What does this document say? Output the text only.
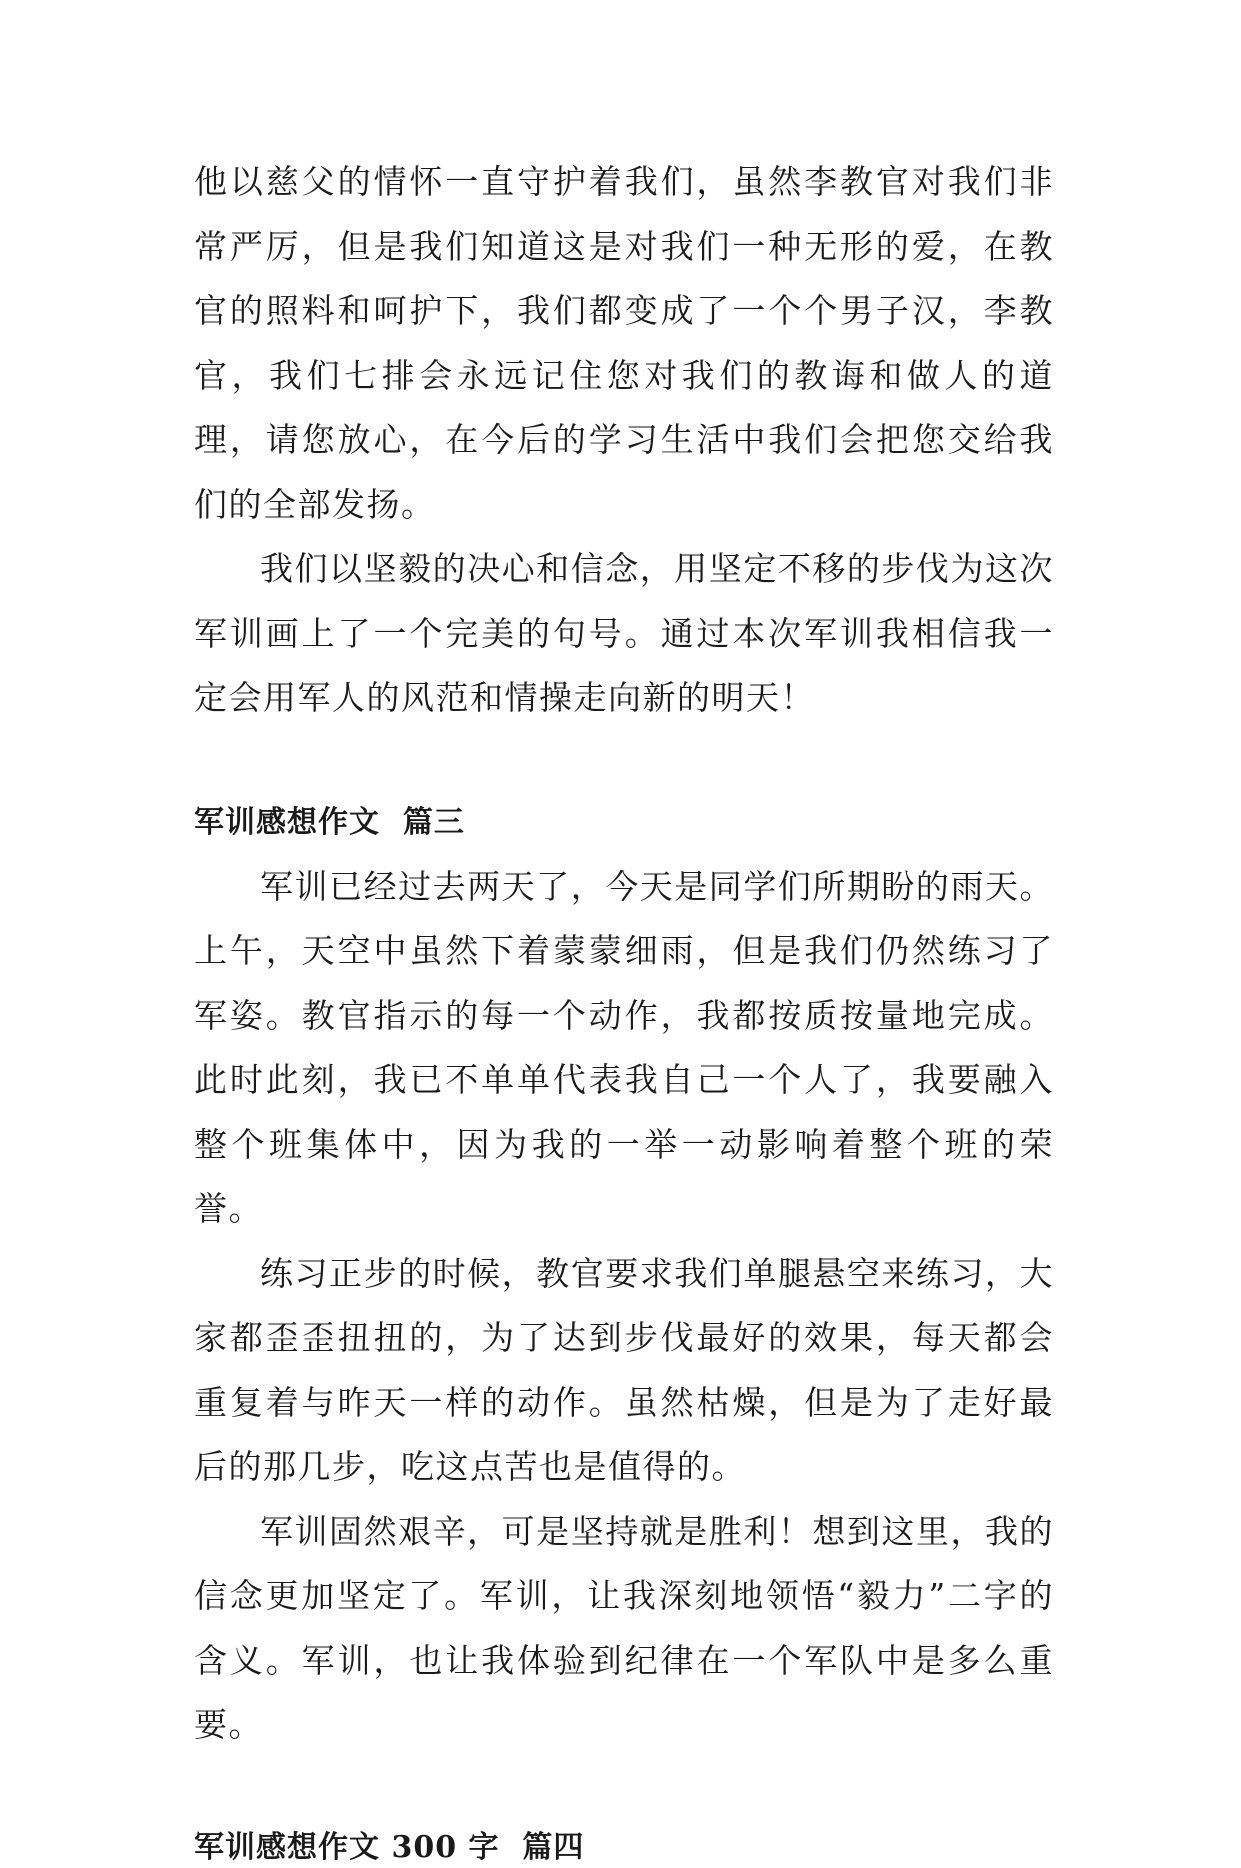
他以慈父的情怀一直守护着我们，虽然李教官对我们非常严厉，但是我们知道这是对我们一种无形的爱，在教官的照料和呵护下，我们都变成了一个个男子汉，李教官，我们七排会永远记住您对我们的教诲和做人的道理，请您放心，在今后的学习生活中我们会把您交给我们的全部发扬。

我们以坚毅的决心和信念，用坚定不移的步伐为这次军训画上了一个完美的句号。通过本次军训我相信我一定会用军人的风范和情操走向新的明天！

军训感想作文  篇三

军训已经过去两天了，今天是同学们所期盼的雨天。上午，天空中虽然下着蒙蒙细雨，但是我们仍然练习了军姿。教官指示的每一个动作，我都按质按量地完成。此时此刻，我已不单单代表我自己一个人了，我要融入整个班集体中，因为我的一举一动影响着整个班的荣誉。

练习正步的时候，教官要求我们单腿悬空来练习，大家都歪歪扭扭的，为了达到步伐最好的效果，每天都会重复着与昨天一样的动作。虽然枯燥，但是为了走好最后的那几步，吃这点苦也是值得的。

军训固然艰辛，可是坚持就是胜利！想到这里，我的信念更加坚定了。军训，让我深刻地领悟“毅力”二字的含义。军训，也让我体验到纪律在一个军队中是多么重要。

军训感想作文 300 字  篇四
